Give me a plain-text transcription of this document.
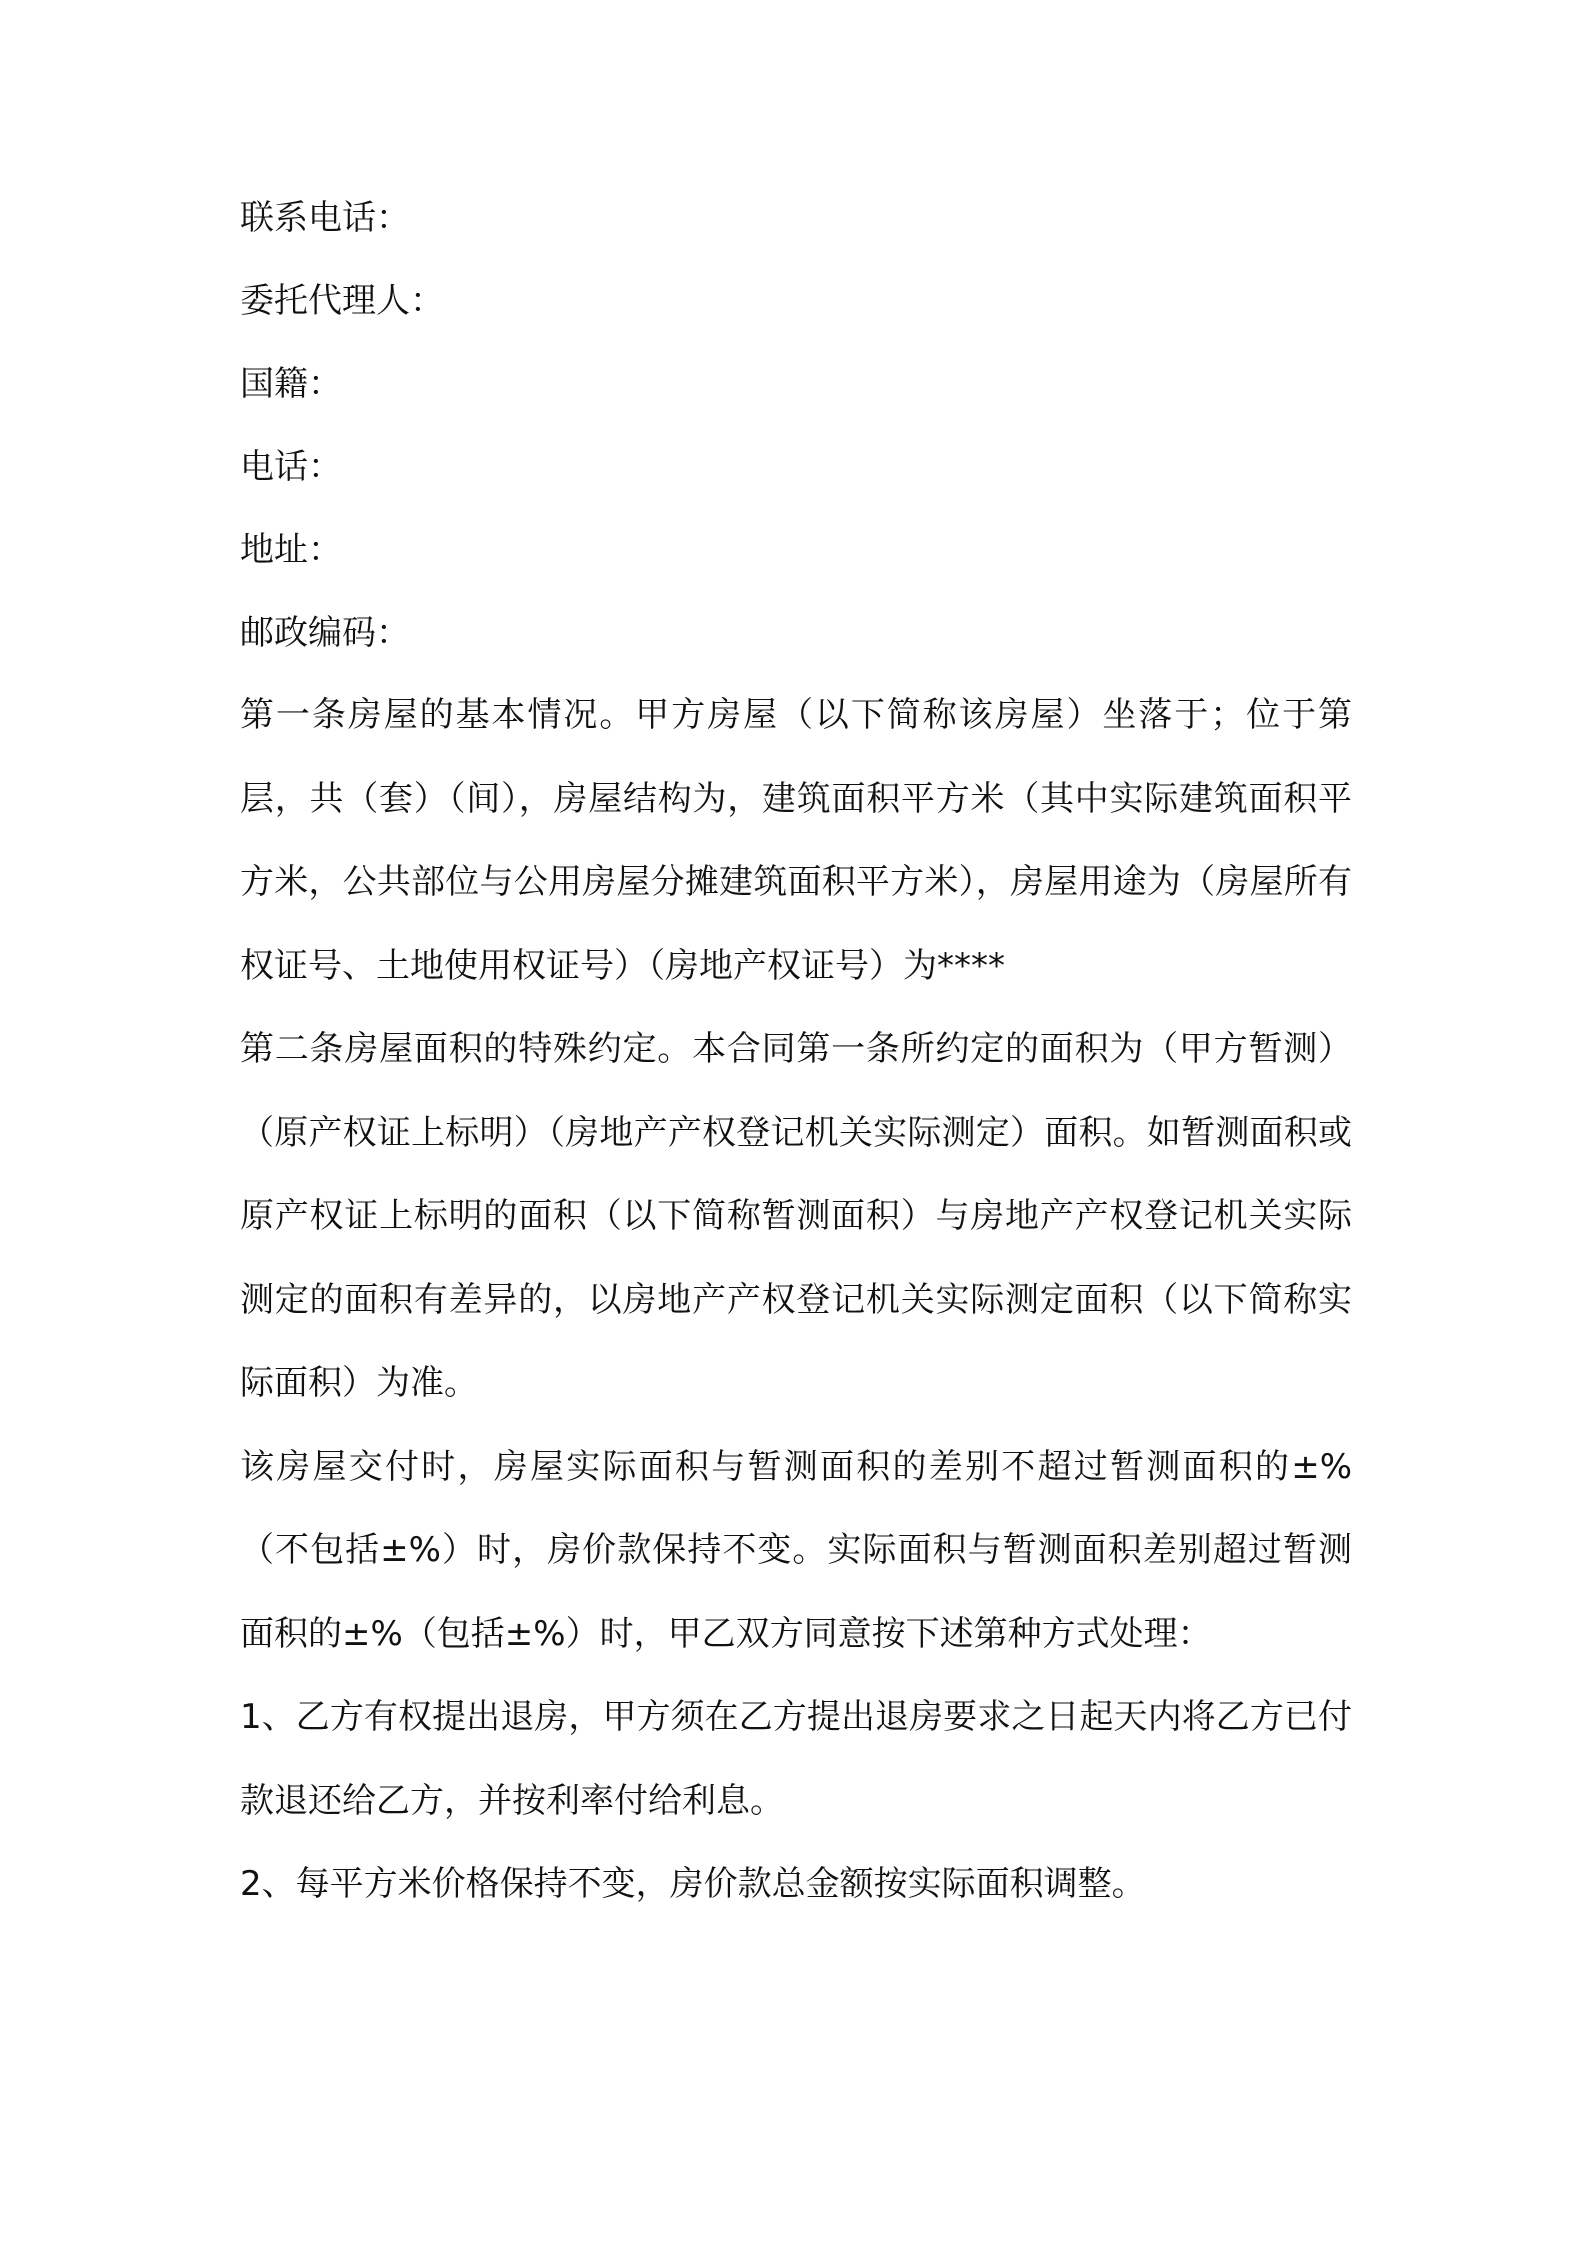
联系电话：
委托代理人：
国籍：
电话：
地址：
邮政编码：

第一条房屋的基本情况。甲方房屋（以下简称该房屋）坐落于；位于第层，共（套）（间），房屋结构为，建筑面积平方米（其中实际建筑面积平方米，公共部位与公用房屋分摊建筑面积平方米），房屋用途为（房屋所有权证号、土地使用权证号）（房地产权证号）为****

第二条房屋面积的特殊约定。本合同第一条所约定的面积为（甲方暂测）（原产权证上标明）（房地产产权登记机关实际测定）面积。如暂测面积或原产权证上标明的面积（以下简称暂测面积）与房地产产权登记机关实际测定的面积有差异的，以房地产产权登记机关实际测定面积（以下简称实际面积）为准。

该房屋交付时，房屋实际面积与暂测面积的差别不超过暂测面积的±%（不包括±%）时，房价款保持不变。实际面积与暂测面积差别超过暂测面积的±%（包括±%）时，甲乙双方同意按下述第种方式处理：

1、乙方有权提出退房，甲方须在乙方提出退房要求之日起天内将乙方已付款退还给乙方，并按利率付给利息。

2、每平方米价格保持不变，房价款总金额按实际面积调整。
